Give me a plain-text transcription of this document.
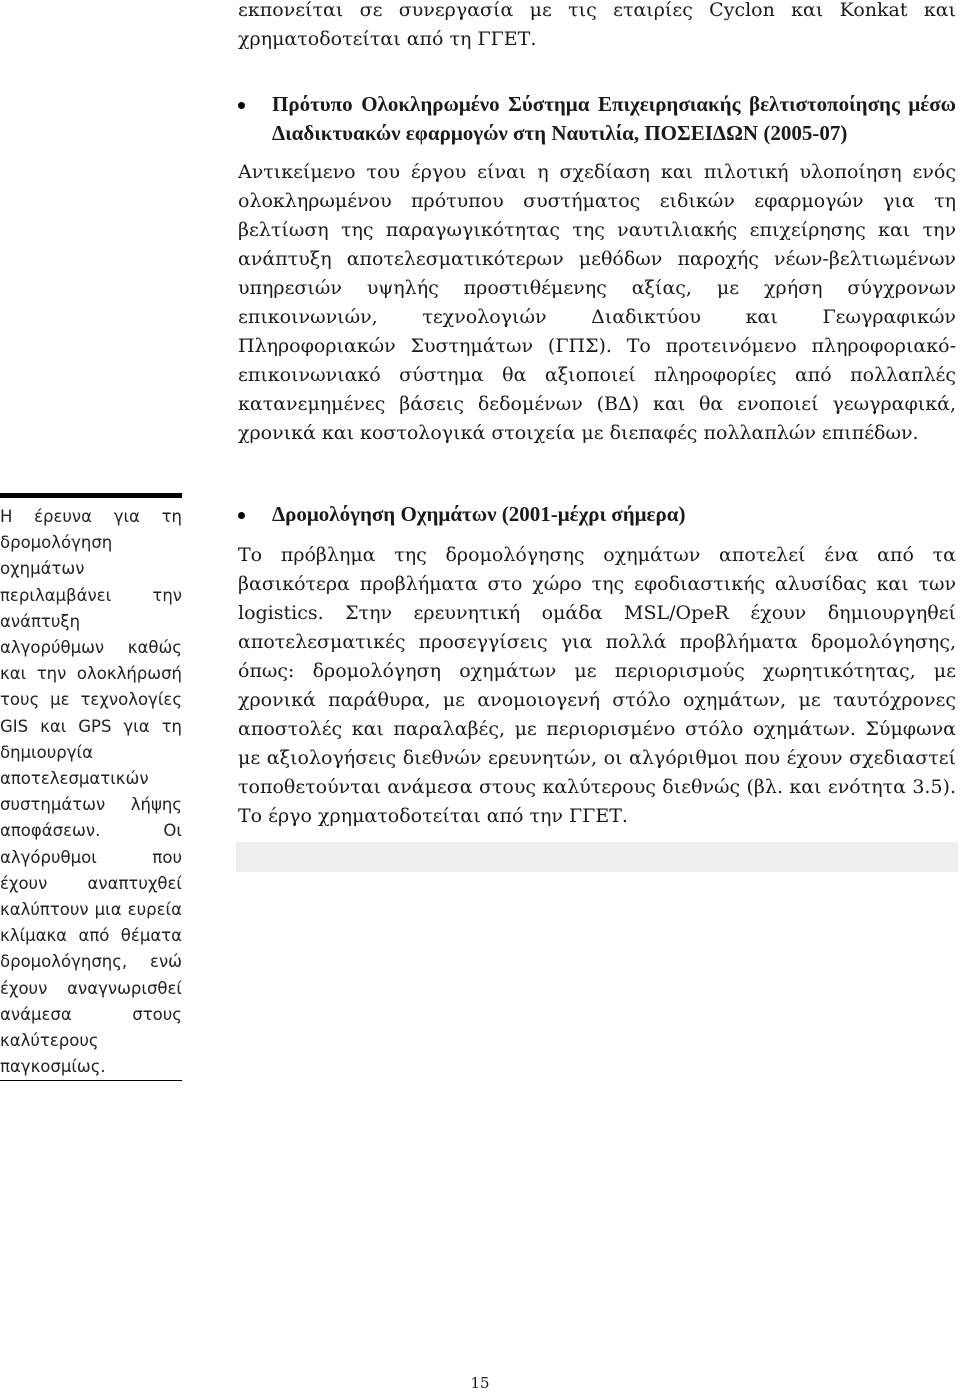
εκπονείται σε συνεργασία με τις εταιρίες Cyclon και Konkat και χρηματοδοτείται από τη ΓΓΕΤ.
Πρότυπο Ολοκληρωμένο Σύστημα Επιχειρησιακής βελτιστοποίησης μέσω Διαδικτυακών εφαρμογών στη Ναυτιλία, ΠΟΣΕΙΔΩΝ (2005-07)
Αντικείμενο του έργου είναι η σχεδίαση και πιλοτική υλοποίηση ενός ολοκληρωμένου πρότυπου συστήματος ειδικών εφαρμογών για τη βελτίωση της παραγωγικότητας της ναυτιλιακής επιχείρησης και την ανάπτυξη αποτελεσματικότερων μεθόδων παροχής νέων-βελτιωμένων υπηρεσιών υψηλής προστιθέμενης αξίας, με χρήση σύγχρονων επικοινωνιών, τεχνολογιών Διαδικτύου και Γεωγραφικών Πληροφοριακών Συστημάτων (ΓΠΣ). Το προτεινόμενο πληροφοριακό-επικοινωνιακό σύστημα θα αξιοποιεί πληροφορίες από πολλαπλές κατανεμημένες βάσεις δεδομένων (ΒΔ) και θα ενοποιεί γεωγραφικά, χρονικά και κοστολογικά στοιχεία με διεπαφές πολλαπλών επιπέδων.
Δρομολόγηση Οχημάτων (2001-μέχρι σήμερα)
Το πρόβλημα της δρομολόγησης οχημάτων αποτελεί ένα από τα βασικότερα προβλήματα στο χώρο της εφοδιαστικής αλυσίδας και των logistics. Στην ερευνητική ομάδα MSL/OpeR έχουν δημιουργηθεί αποτελεσματικές προσεγγίσεις για πολλά προβλήματα δρομολόγησης, όπως: δρομολόγηση οχημάτων με περιορισμούς χωρητικότητας, με χρονικά παράθυρα, με ανομοιογενή στόλο οχημάτων, με ταυτόχρονες αποστολές και παραλαβές, με περιορισμένο στόλο οχημάτων. Σύμφωνα με αξιολογήσεις διεθνών ερευνητών, οι αλγόριθμοι που έχουν σχεδιαστεί τοποθετούνται ανάμεσα στους καλύτερους διεθνώς (βλ. και ενότητα 3.5). Το έργο χρηματοδοτείται από την ΓΓΕΤ.
Η έρευνα για τη δρομολόγηση οχημάτων περιλαμβάνει την ανάπτυξη αλγορύθμων καθώς και την ολοκλήρωσή τους με τεχνολογίες GIS και GPS για τη δημιουργία αποτελεσματικών συστημάτων λήψης αποφάσεων. Οι αλγόρυθμοι που έχουν αναπτυχθεί καλύπτουν μια ευρεία κλίμακα από θέματα δρομολόγησης, ενώ έχουν αναγνωρισθεί ανάμεσα στους καλύτερους παγκοσμίως.
15
